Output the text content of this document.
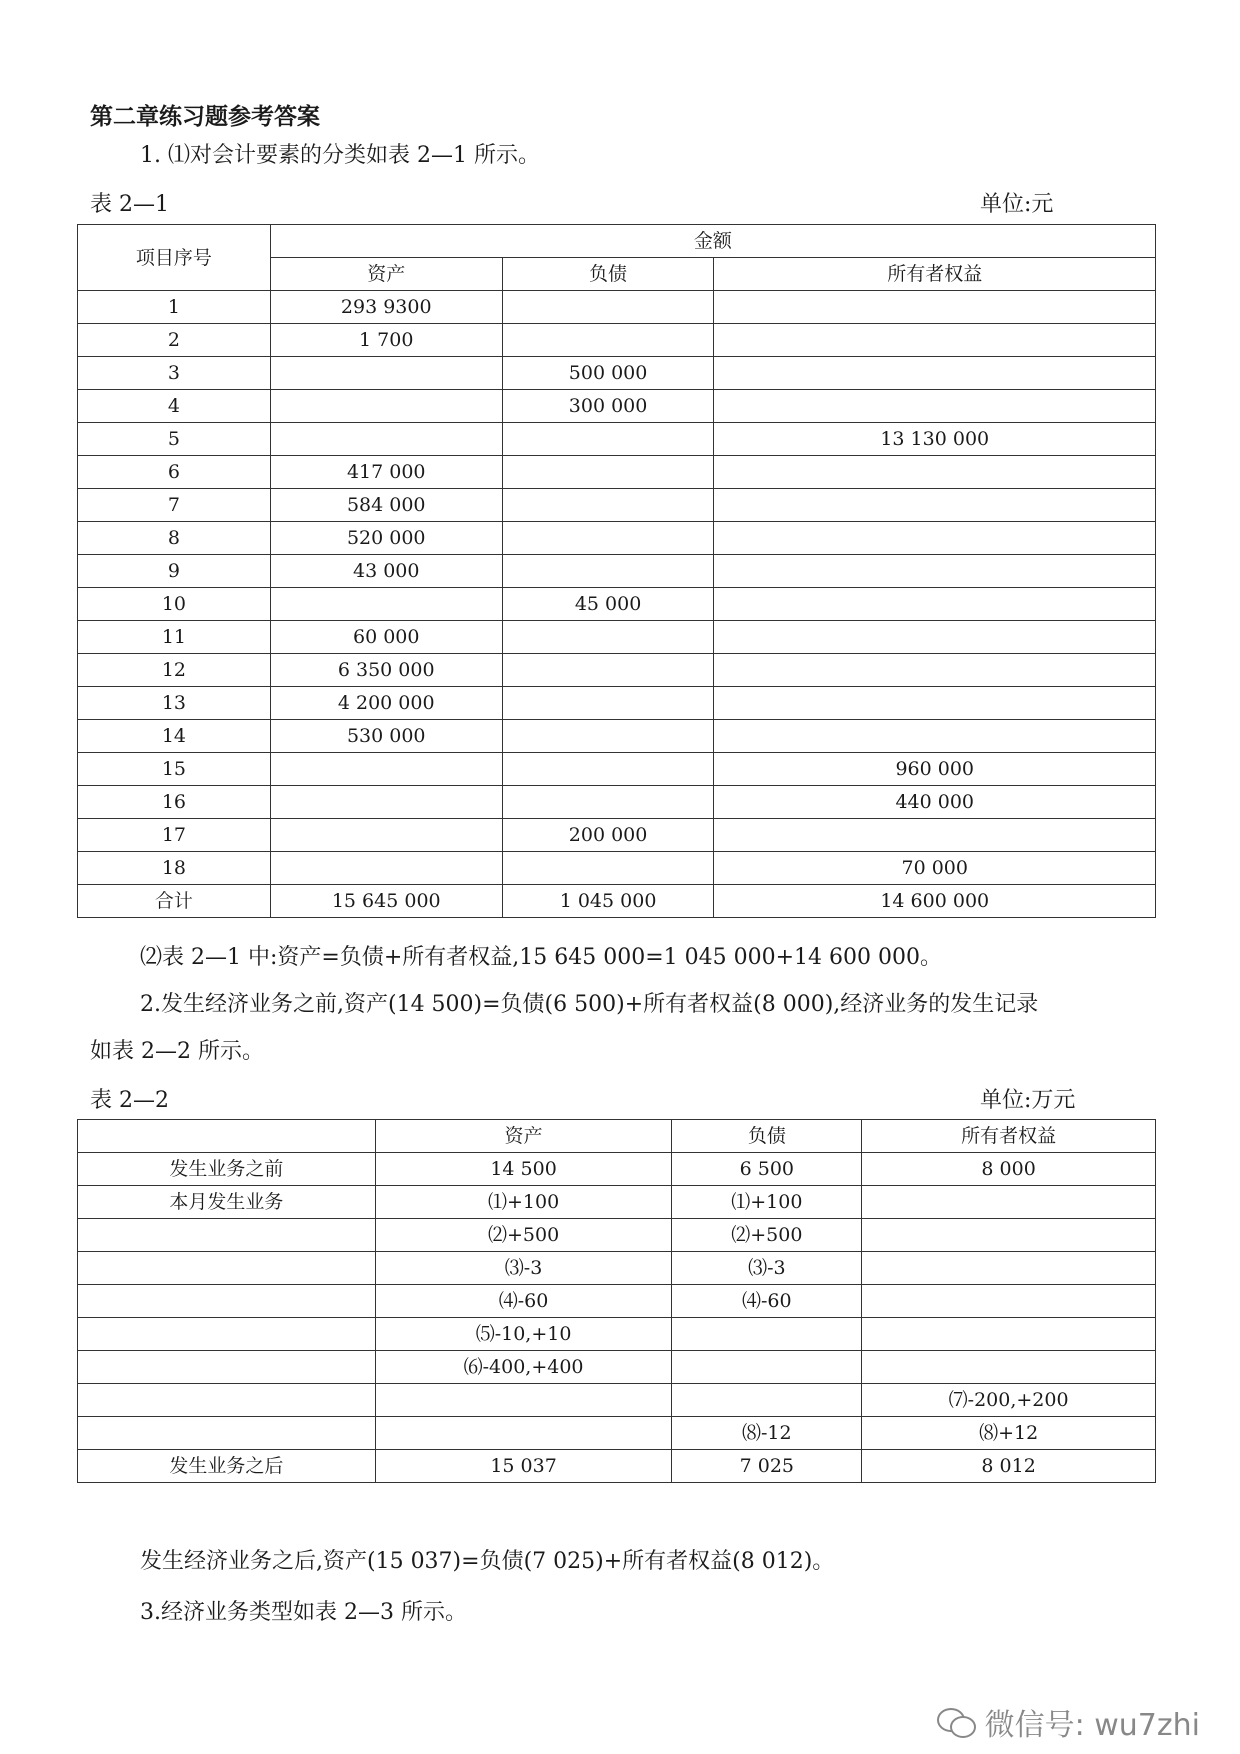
第二章练习题参考答案
1. ⑴对会计要素的分类如表 2—1 所示。
表 2—1	单位:元
项目序号	金额		
	资产	负债	所有者权益
1	293 9300		
2	1 700		
3		500 000	
4		300 000	
5			13 130 000
6	417 000		
7	584 000		
8	520 000		
9	43 000		
10		45 000	
11	60 000		
12	6 350 000		
13	4 200 000		
14	530 000		
15			960 000
16			440 000
17		200 000	
18			70 000
合计	15 645 000	1 045 000	14 600 000
⑵表 2—1 中:资产=负债+所有者权益,15 645 000=1 045 000+14 600 000。
2.发生经济业务之前,资产(14 500)=负债(6 500)+所有者权益(8 000),经济业务的发生记录
如表 2—2 所示。
表 2—2	单位:万元
	资产	负债	所有者权益
发生业务之前	14 500	6 500	8 000
本月发生业务	⑴+100	⑴+100	
	⑵+500	⑵+500	
	⑶-3	⑶-3	
	⑷-60	⑷-60	
	⑸-10,+10		
	⑹-400,+400		
			⑺-200,+200
		⑻-12	⑻+12
发生业务之后	15 037	7 025	8 012
发生经济业务之后,资产(15 037)=负债(7 025)+所有者权益(8 012)。
3.经济业务类型如表 2—3 所示。
微信号: wu7zhi
